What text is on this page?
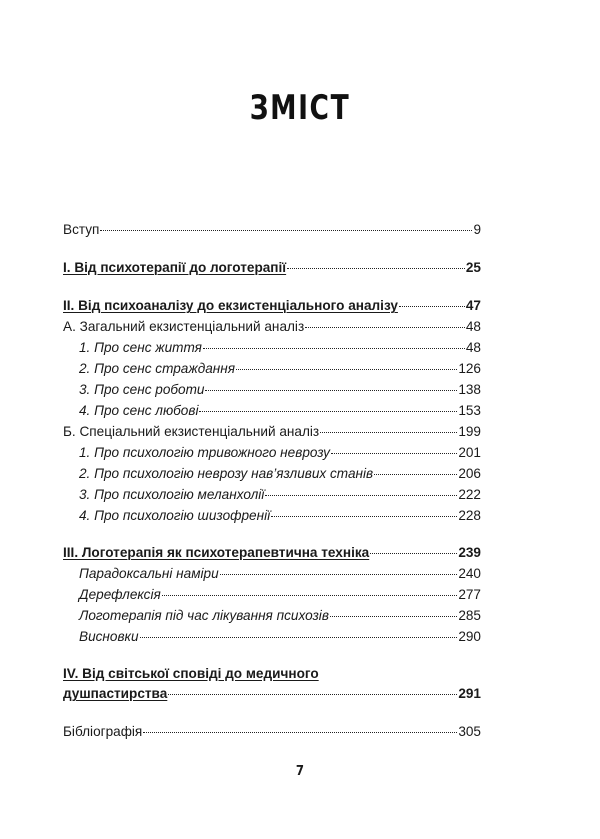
ЗМІСТ
Вступ	9
I. Від психотерапії до логотерапії	25
II. Від психоаналізу до екзистенціального аналізу	47
А. Загальний екзистенціальний аналіз	48
1. Про сенс життя	48
2. Про сенс страждання	126
3. Про сенс роботи	138
4. Про сенс любові	153
Б. Спеціальний екзистенціальний аналіз	199
1. Про психологію тривожного неврозу	201
2. Про психологію неврозу нав’язливих станів	206
3. Про психологію меланхолії	222
4. Про психологію шизофренії	228
III. Логотерапія як психотерапевтична техніка	239
Парадоксальні наміри	240
Дерефлексія	277
Логотерапія під час лікування психозів	285
Висновки	290
IV. Від світської сповіді до медичного
душпастирства	291
Бібліографія	305
7
